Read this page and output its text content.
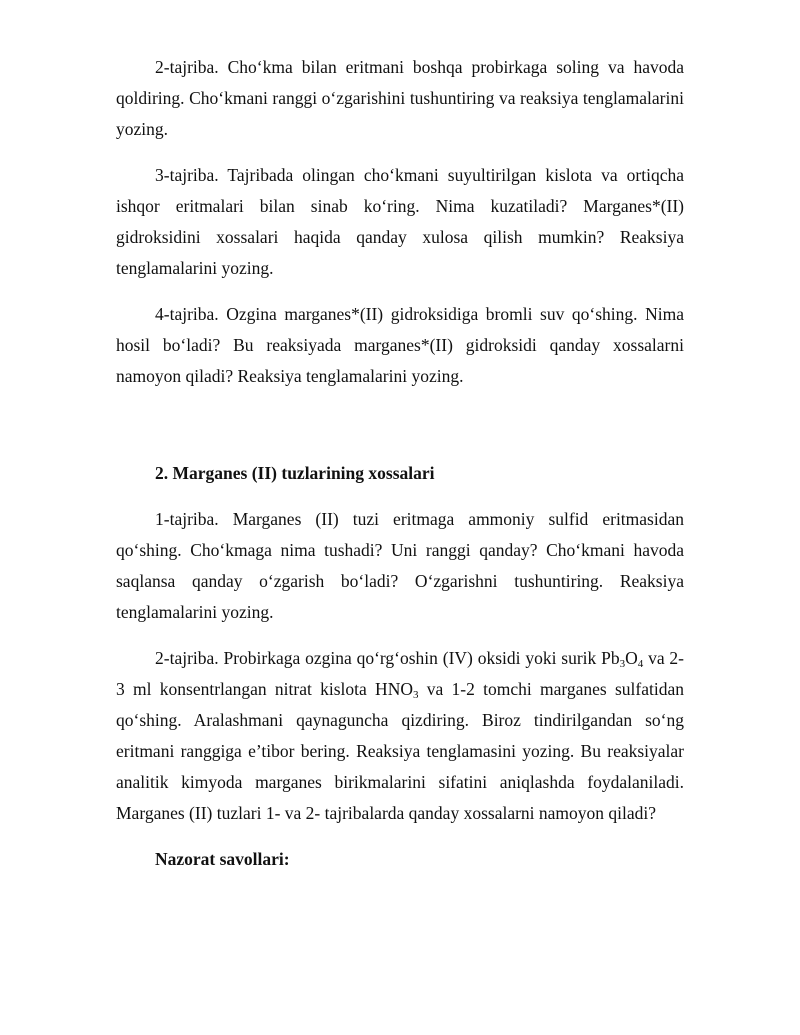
2-tajriba. Cho‘kma bilan eritmani boshqa probirkaga soling va havoda qoldiring. Cho‘kmani ranggi o‘zgarishini tushuntiring va reaksiya tenglamalarini yozing.

3-tajriba. Tajribada olingan cho‘kmani suyultirilgan kislota va ortiqcha ishqor eritmalari bilan sinab ko‘ring. Nima kuzatiladi? Marganes*(II) gidroksidini xossalari haqida qanday xulosa qilish mumkin? Reaksiya tenglamalarini yozing.

4-tajriba. Ozgina marganes*(II) gidroksidiga bromli suv qo‘shing. Nima hosil bo‘ladi? Bu reaksiyada marganes*(II) gidroksidi qanday xossalarni namoyon qiladi? Reaksiya tenglamalarini yozing.

2. Marganes (II) tuzlarining xossalari

1-tajriba. Marganes (II) tuzi eritmaga ammoniy sulfid eritmasidan qo‘shing. Cho‘kmaga nima tushadi? Uni ranggi qanday? Cho‘kmani havoda saqlansa qanday o‘zgarish bo‘ladi? O‘zgarishni tushuntiring. Reaksiya tenglamalarini yozing.

2-tajriba. Probirkaga ozgina qo‘rg‘oshin (IV) oksidi yoki surik $Pb_3O_4$ va 2-3 ml konsentrlangan nitrat kislota $HNO_3$ va 1-2 tomchi marganes sulfatidan qo‘shing. Aralashmani qaynaguncha qizdiring. Biroz tindirilgandan so‘ng eritmani ranggiga e’tibor bering. Reaksiya tenglamasini yozing. Bu reaksiyalar analitik kimyoda marganes birikmalarini sifatini aniqlashda foydalaniladi. Marganes (II) tuzlari 1- va 2- tajribalarda qanday xossalarni namoyon qiladi?

Nazorat savollari:
